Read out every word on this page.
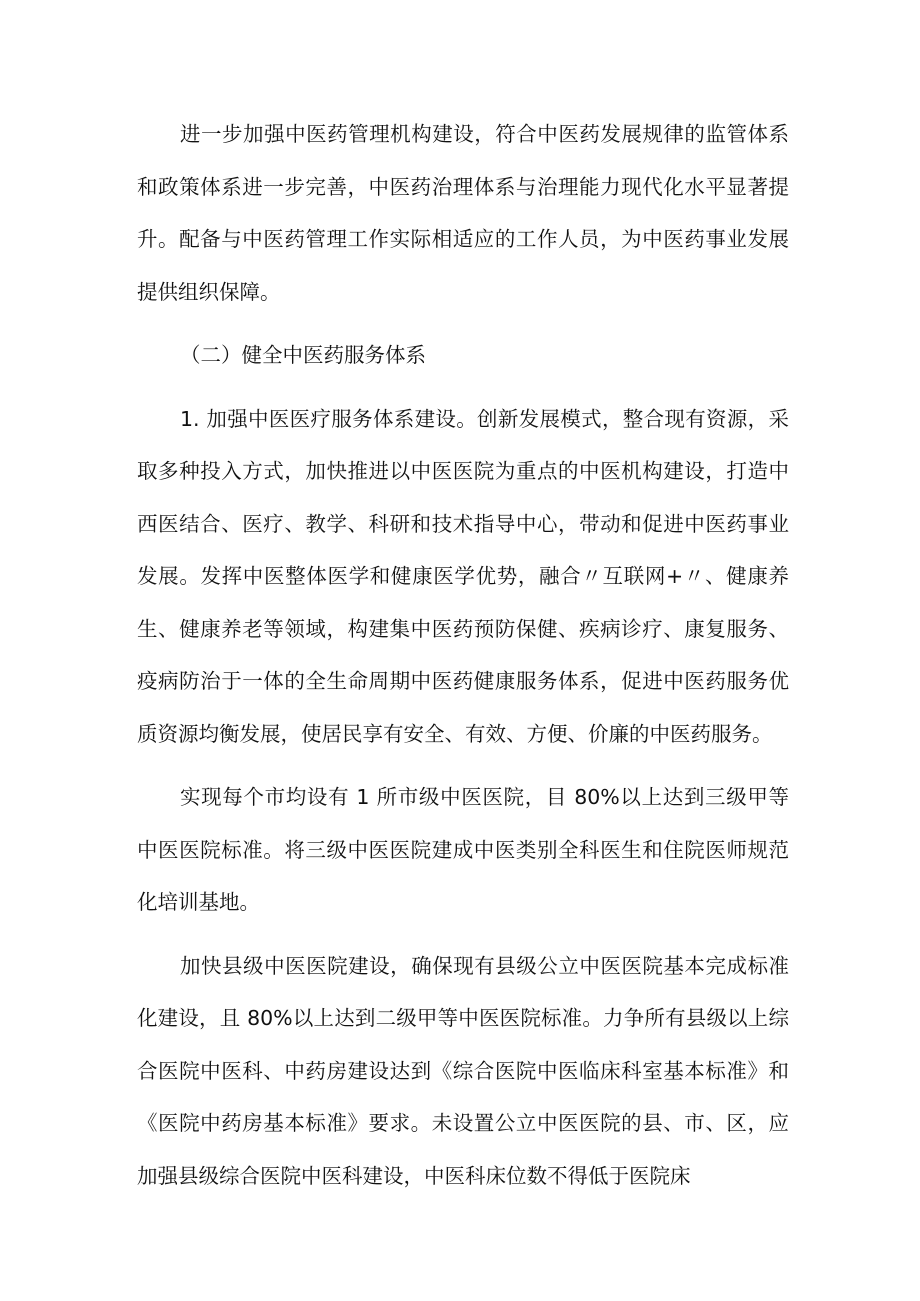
进一步加强中医药管理机构建设，符合中医药发展规律的监管体系和政策体系进一步完善，中医药治理体系与治理能力现代化水平显著提升。配备与中医药管理工作实际相适应的工作人员，为中医药事业发展提供组织保障。

（二）健全中医药服务体系

1. 加强中医医疗服务体系建设。创新发展模式，整合现有资源，采取多种投入方式，加快推进以中医医院为重点的中医机构建设，打造中西医结合、医疗、教学、科研和技术指导中心，带动和促进中医药事业发展。发挥中医整体医学和健康医学优势，融合〃互联网+〃、健康养生、健康养老等领域，构建集中医药预防保健、疾病诊疗、康复服务、疫病防治于一体的全生命周期中医药健康服务体系，促进中医药服务优质资源均衡发展，使居民享有安全、有效、方便、价廉的中医药服务。

实现每个市均设有 1 所市级中医医院，目 80%以上达到三级甲等中医医院标准。将三级中医医院建成中医类别全科医生和住院医师规范化培训基地。

加快县级中医医院建设，确保现有县级公立中医医院基本完成标准化建设，且 80%以上达到二级甲等中医医院标准。力争所有县级以上综合医院中医科、中药房建设达到《综合医院中医临床科室基本标准》和《医院中药房基本标准》要求。未设置公立中医医院的县、市、区，应加强县级综合医院中医科建设，中医科床位数不得低于医院床
